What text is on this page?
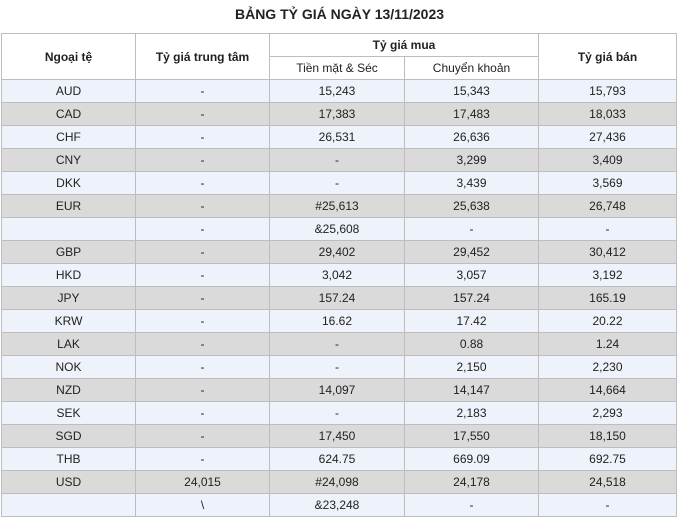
BẢNG TỶ GIÁ NGÀY 13/11/2023
Ngoại tệ	Tỷ giá trung tâm	Tỷ giá mua		Tỷ giá bán
		Tiền mặt & Séc	Chuyển khoản	
AUD	-	15,243	15,343	15,793
CAD	-	17,383	17,483	18,033
CHF	-	26,531	26,636	27,436
CNY	-	-	3,299	3,409
DKK	-	-	3,439	3,569
EUR	-	#25,613	25,638	26,748
	-	&25,608	-	-
GBP	-	29,402	29,452	30,412
HKD	-	3,042	3,057	3,192
JPY	-	157.24	157.24	165.19
KRW	-	16.62	17.42	20.22
LAK	-	-	0.88	1.24
NOK	-	-	2,150	2,230
NZD	-	14,097	14,147	14,664
SEK	-	-	2,183	2,293
SGD	-	17,450	17,550	18,150
THB	-	624.75	669.09	692.75
USD	24,015	#24,098	24,178	24,518
	\	&23,248	-	-
